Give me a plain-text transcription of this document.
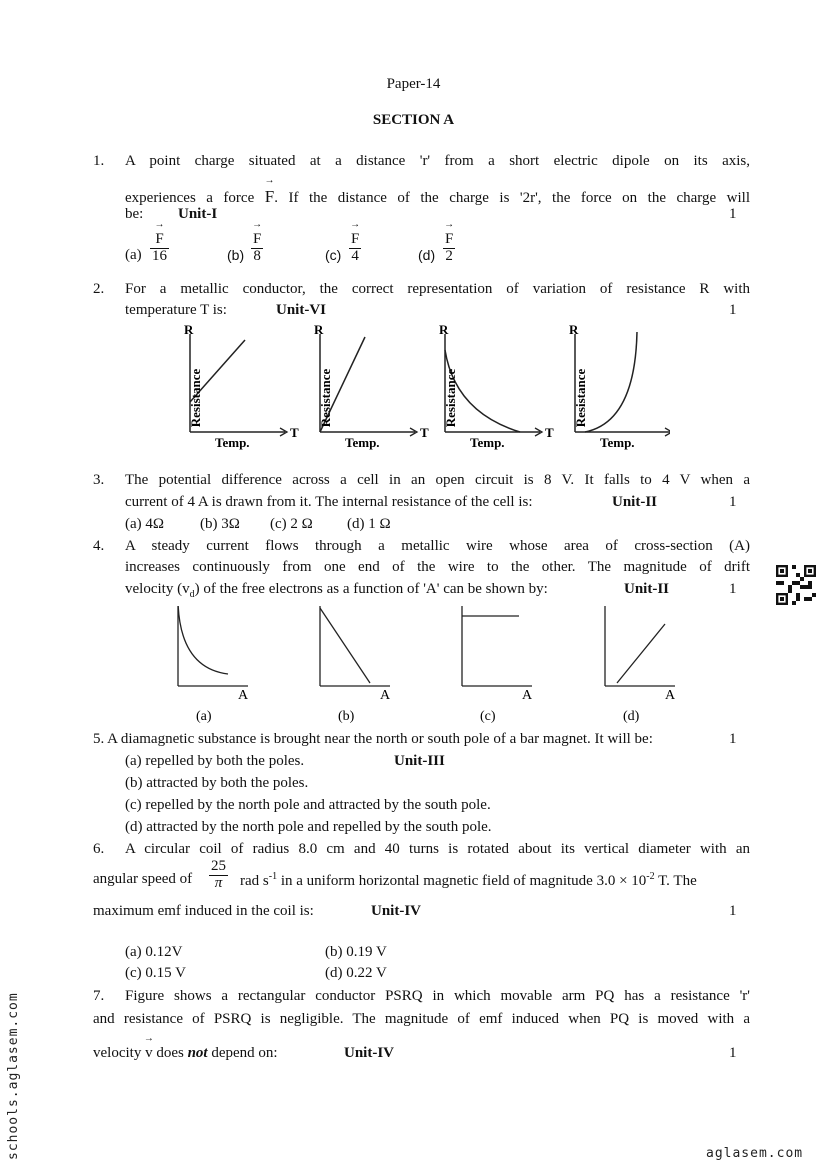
Paper-14
SECTION A
1. A point charge situated at a distance 'r' from a short electric dipole on its axis,
experiences a force → F. If the distance of the charge is '2r', the force on the charge will
be: Unit-I	1
(a)
→ $\frac{F}{16}$	(b)
→ $\frac{F}{8}$	(c)
→ $\frac{F}{4}$	(d)
→ $\frac{F}{2}$
2. For a metallic conductor, the correct representation of variation of resistance R with
temperature T is:	Unit-VI	1
R
Resistance
Temp.
T
R
Resistance
Temp.
T
R
Resistance
Temp.
T
R
Resistance
Temp.
3. The potential difference across a cell in an open circuit is 8 V. It falls to 4 V when a
current of 4 A is drawn from it. The internal resistance of the cell is:	Unit-II	1
(a) 4Ω (b) 3Ω (c) 2 Ω (d) 1 Ω
4. A steady current flows through a metallic wire whose area of cross-section (A)
increases continuously from one end of the wire to the other. The magnitude of drift
velocity $(v_d)$ of the free electrons as a function of 'A' can be shown by:	Unit-II	1
A
(a)
A
(b)
A
(c)
A
(d)
5. A diamagnetic substance is brought near the north or south pole of a bar magnet. It will be:	1
(a) repelled by both the poles.	Unit-III
(b) attracted by both the poles.
(c) repelled by the north pole and attracted by the south pole.
(d) attracted by the north pole and repelled by the south pole.
6. A circular coil of radius 8.0 cm and 40 turns is rotated about its vertical diameter with an
angular speed of $\frac{25}{\pi}$ rad $s^{-1}$ in a uniform horizontal magnetic field of magnitude $3.0 \times 10^{-2}$ T. The
maximum emf induced in the coil is:	Unit-IV	1
(a) 0.12V	(b) 0.19 V
(c) 0.15 V	(d) 0.22 V
7. Figure shows a rectangular conductor PSRQ in which movable arm PQ has a resistance 'r'
and resistance of PSRQ is negligible. The magnitude of emf induced when PQ is moved with a
velocity → v does not depend on:	Unit-IV	1
schools.aglasem.com	aglasem.com
